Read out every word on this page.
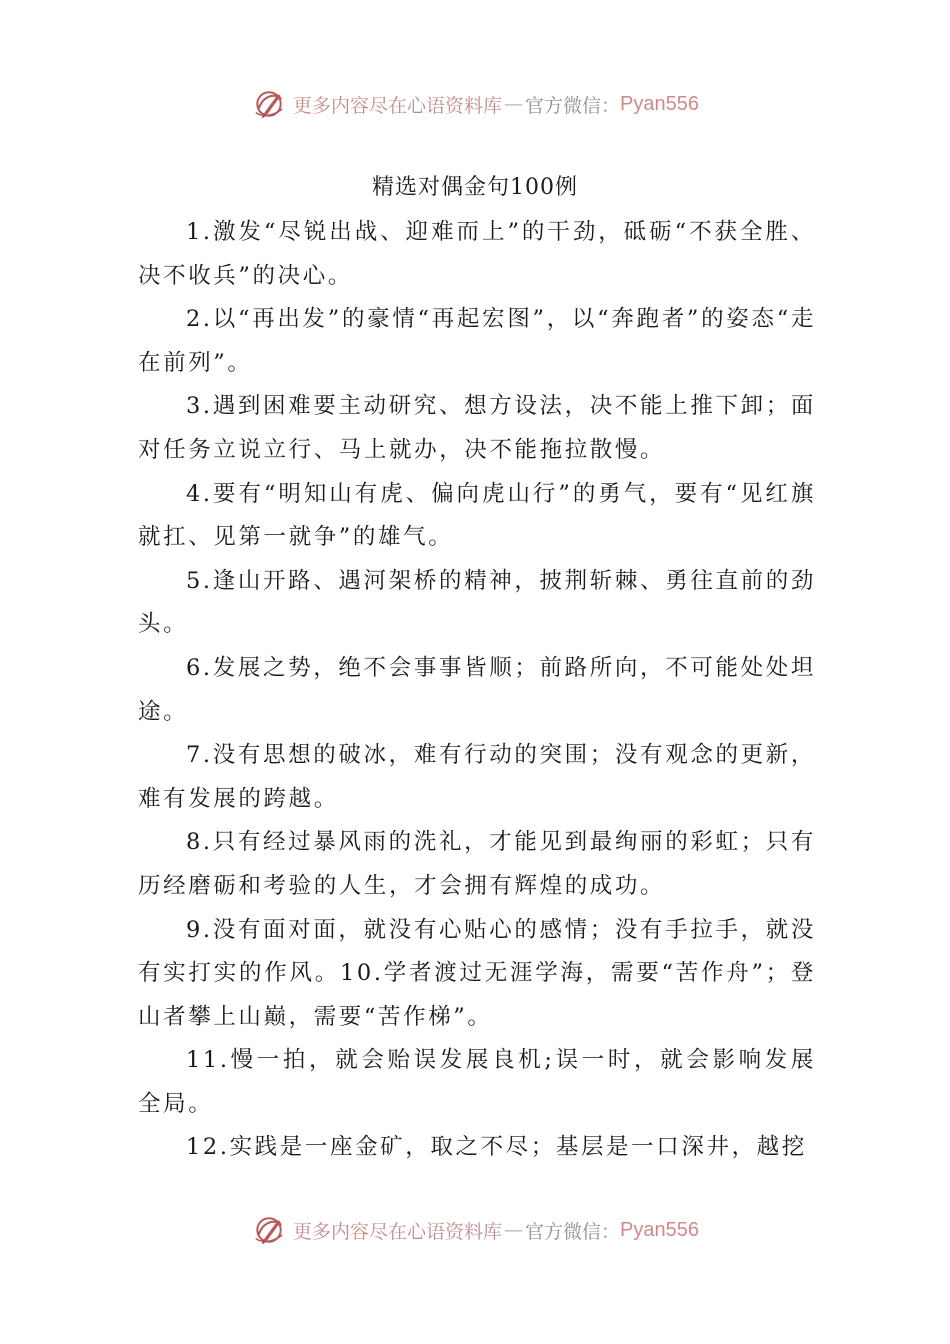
更多内容尽在心语资料库 — 官方微信： Pyan556
精选对偶金句100例

1.激发“尽锐出战、迎难而上”的干劲，砥砺“不获全胜、决不收兵”的决心。

2.以“再出发”的豪情“再起宏图”，以“奔跑者”的姿态“走在前列”。

3.遇到困难要主动研究、想方设法，决不能上推下卸；面对任务立说立行、马上就办，决不能拖拉散慢。

4.要有“明知山有虎、偏向虎山行”的勇气，要有“见红旗就扛、见第一就争”的雄气。

5.逢山开路、遇河架桥的精神，披荆斩棘、勇往直前的劲头。

6.发展之势，绝不会事事皆顺；前路所向，不可能处处坦途。

7.没有思想的破冰，难有行动的突围；没有观念的更新，难有发展的跨越。

8.只有经过暴风雨的洗礼，才能见到最绚丽的彩虹；只有历经磨砺和考验的人生，才会拥有辉煌的成功。

9.没有面对面，就没有心贴心的感情；没有手拉手，就没有实打实的作风。10.学者渡过无涯学海，需要“苦作舟”；登山者攀上山巅，需要“苦作梯”。

11.慢一拍，就会贻误发展良机;误一时，就会影响发展全局。

12.实践是一座金矿，取之不尽；基层是一口深井，越挖

更多内容尽在心语资料库 — 官方微信： Pyan556
